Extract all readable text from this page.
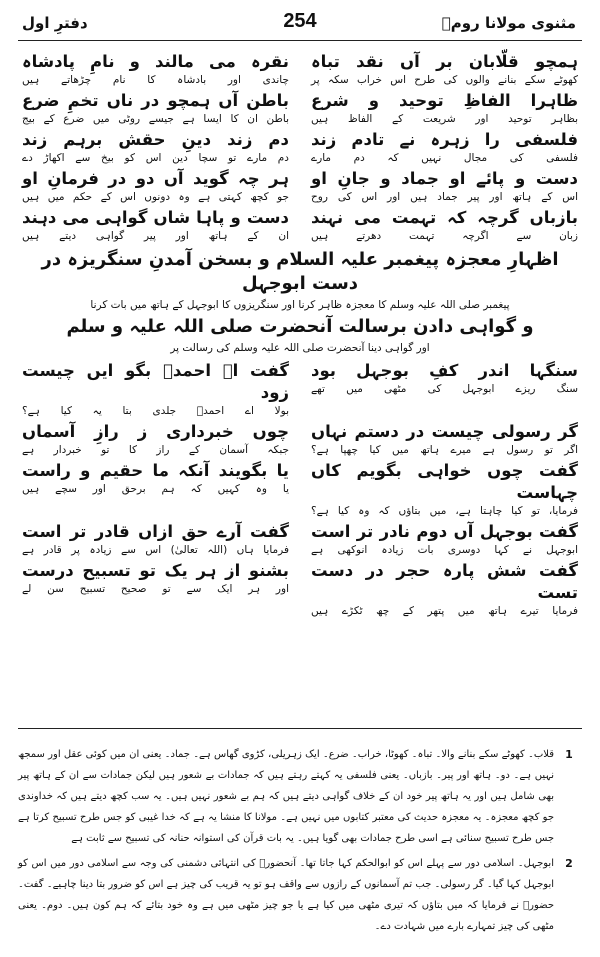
مثنوی مولانا رومؒ
254
دفترِ اول
ہمچو قلّابان بر آں نقد تباہ
کھوٹے سکے بنانے والوں کی طرح اس خراب سکہ پر
نقرہ می مالند و نامِ پادشاہ
چاندی اور بادشاہ کا نام چڑھاتے ہیں
ظاہرا الفاظِ توحید و شرع
بظاہر توحید اور شریعت کے الفاظ ہیں
باطن آں ہمچو در ناں تخمِ ضرع
باطن ان کا ایسا ہے جیسے روٹی میں ضرع کے بیج
فلسفی را زہرہ نے تادم زند
فلسفی کی مجال نہیں کہ دم مارے
دم زند دینِ حقش برہم زند
دم مارے تو سچا دین اس کو بیخ سے اکھاڑ دے
دست و پائے او جماد و جانِ او
اس کے ہاتھ اور پیر جماد ہیں اور اس کی روح
ہر چہ گوید آں دو در فرمانِ او
جو کچھ کہتی ہے وہ دونوں اس کے حکم میں ہیں
بازباں گرچہ کہ تہمت می نہند
زبان سے اگرچہ تہمت دھرتے ہیں
دست و پاہا شاں گواہی می دہند
ان کے ہاتھ اور پیر گواہی دیتے ہیں
اظہارِ معجزہ پیغمبر علیہ السلام و بسخن آمدنِ سنگریزہ در دست ابوجہل
پیغمبر صلی اللہ علیہ وسلم کا معجزہ ظاہر کرنا اور سنگریزوں کا ابوجہل کے ہاتھ میں بات کرنا
و گواہی دادن برسالت آنحضرت صلی اللہ علیہ و سلم
اور گواہی دینا آنحضرت صلی اللہ علیہ وسلم کی رسالت پر
سنگہا اندر کفِ بوجہل بود
سنگ ریزے ابوجہل کی مٹھی میں تھے
گفت اے احمدؐ بگو ایں چیست زود
بولا اے احمدؐ جلدی بتا یہ کیا ہے؟
گر رسولی چیست در دستم نہاں
اگر تو رسول ہے میرے ہاتھ میں کیا چھپا ہے؟
چوں خبرداری ز رازِ آسماں
جبکہ آسمان کے راز کا تو خبردار ہے
گفت چوں خواہی بگویم کاں چہاست
فرمایا، تو کیا چاہتا ہے، میں بتاؤں کہ وہ کیا ہے؟
یا بگویند آنکہ ما حقیم و راست
یا وہ کہیں کہ ہم برحق اور سچے ہیں
گفت بوجہل آں دوم نادر تر است
ابوجہل نے کہا دوسری بات زیادہ انوکھی ہے
گفت آرے حق ازاں قادر تر است
فرمایا ہاں (اللہ تعالیٰ) اس سے زیادہ پر قادر ہے
گفت شش پارہ حجر در دست تست
فرمایا تیرے ہاتھ میں پتھر کے چھ ٹکڑے ہیں
بشنو از ہر یک تو تسبیح درست
اور ہر ایک سے تو صحیح تسبیح سن لے
1
قلاب۔ کھوٹے سکے بنانے والا۔ تباہ۔ کھوٹا، خراب۔ ضرع۔ ایک زہریلی، کڑوی گھاس ہے۔ جماد۔ یعنی ان میں کوئی عقل اور سمجھ نہیں ہے۔ دو۔ ہاتھ اور پیر۔ بازباں۔ یعنی فلسفی یہ کہتے رہتے ہیں کہ جمادات بے شعور ہیں لیکن جمادات سے ان کے ہاتھ پیر بھی شامل ہیں اور یہ ہاتھ پیر خود ان کے خلاف گواہی دیتے ہیں کہ ہم بے شعور نہیں ہیں۔ یہ سب کچھ دیتے ہیں کہ خداوندی جو کچھ معجزہ۔ یہ معجزہ حدیث کی معتبر کتابوں میں نہیں ہے۔ مولانا کا منشا یہ ہے کہ خدا غیبی کو جس طرح تسبیح کرتا ہے جس طرح تسبیح سنائی ہے اسی طرح جمادات بھی گویا ہیں۔ یہ بات قرآن کی استوانہ حنانہ کی تسبیح سے ثابت ہے
2
ابوجہل۔ اسلامی دور سے پہلے اس کو ابوالحکم کہا جاتا تھا۔ آنحضورؐ کی انتہائی دشمنی کی وجہ سے اسلامی دور میں اس کو ابوجہل کہا گیا۔ گر رسولی۔ جب تم آسمانوں کے رازوں سے واقف ہو تو یہ قریب کی چیز ہے اس کو ضرور بتا دینا چاہیے۔ گفت۔ حضورؐ نے فرمایا کہ میں بتاؤں کہ تیری مٹھی میں کیا ہے یا جو چیز مٹھی میں ہے وہ خود بتائے کہ ہم کون ہیں۔ دوم۔ یعنی مٹھی کی چیز تمہارے بارے میں شہادت دے۔
